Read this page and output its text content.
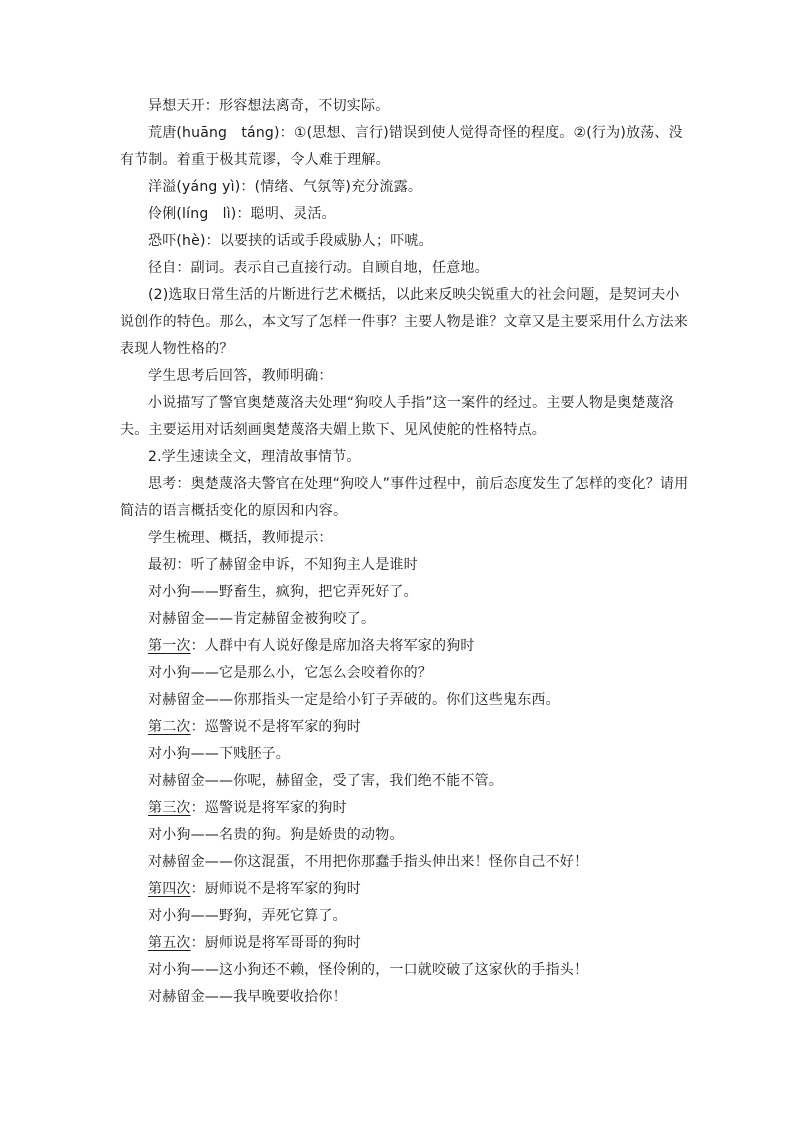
异想天开：形容想法离奇，不切实际。

荒唐(huāng　táng)：①(思想、言行)错误到使人觉得奇怪的程度。②(行为)放荡、没有节制。着重于极其荒谬，令人难于理解。

洋溢(yáng yì)：(情绪、气氛等)充分流露。

伶俐(líng　lì)：聪明、灵活。

恐吓(hè)：以要挟的话或手段威胁人；吓唬。

径自：副词。表示自己直接行动。自顾自地，任意地。

(2)选取日常生活的片断进行艺术概括，以此来反映尖锐重大的社会问题，是契诃夫小说创作的特色。那么，本文写了怎样一件事？主要人物是谁？文章又是主要采用什么方法来表现人物性格的？

学生思考后回答，教师明确：

小说描写了警官奥楚蔑洛夫处理“狗咬人手指”这一案件的经过。主要人物是奥楚蔑洛夫。主要运用对话刻画奥楚蔑洛夫媚上欺下、见风使舵的性格特点。

2.学生速读全文，理清故事情节。

思考：奥楚蔑洛夫警官在处理“狗咬人”事件过程中，前后态度发生了怎样的变化？请用简洁的语言概括变化的原因和内容。

学生梳理、概括，教师提示：

最初：听了赫留金申诉，不知狗主人是谁时

对小狗——野畜生，疯狗，把它弄死好了。

对赫留金——肯定赫留金被狗咬了。

第一次：人群中有人说好像是席加洛夫将军家的狗时

对小狗——它是那么小，它怎么会咬着你的？

对赫留金——你那指头一定是给小钉子弄破的。你们这些鬼东西。

第二次：巡警说不是将军家的狗时

对小狗——下贱胚子。

对赫留金——你呢，赫留金，受了害，我们绝不能不管。

第三次：巡警说是将军家的狗时

对小狗——名贵的狗。狗是娇贵的动物。

对赫留金——你这混蛋，不用把你那蠢手指头伸出来！怪你自己不好！

第四次：厨师说不是将军家的狗时

对小狗——野狗，弄死它算了。

第五次：厨师说是将军哥哥的狗时

对小狗——这小狗还不赖，怪伶俐的，一口就咬破了这家伙的手指头！

对赫留金——我早晚要收拾你！
